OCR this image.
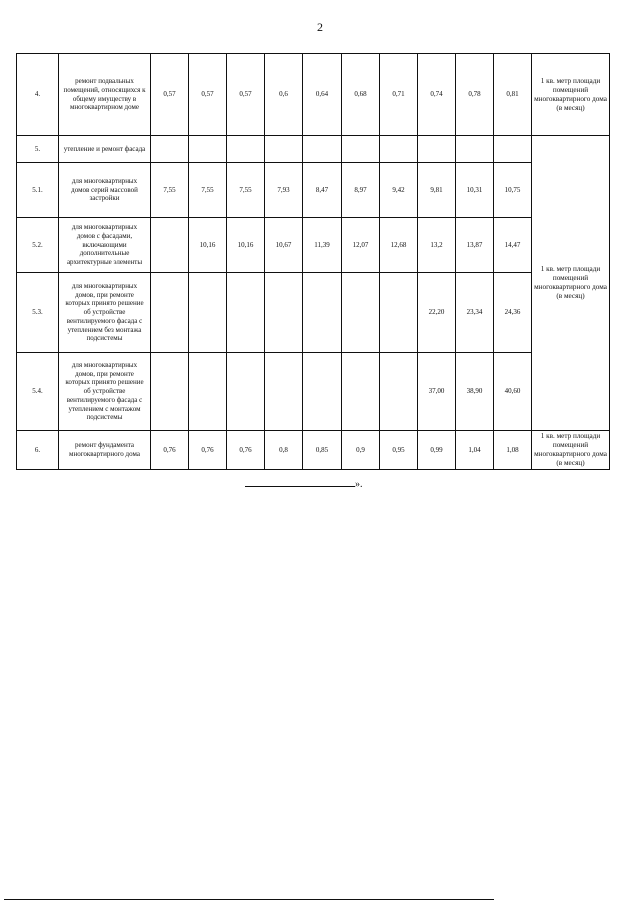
2
4.	ремонт подвальных помещений, относящихся к общему имуществу в многоквартирном доме	0,57	0,57	0,57	0,6	0,64	0,68	0,71	0,74	0,78	0,81	1 кв. метр площади помещений многоквартирного дома (в месяц)
5.	утепление и ремонт фасада											1 кв. метр площади помещений многоквартирного дома (в месяц)
5.1.	для многоквартирных домов серий массовой застройки	7,55	7,55	7,55	7,93	8,47	8,97	9,42	9,81	10,31	10,75	
5.2.	для многоквартирных домов с фасадами, включающими дополнительные архитектурные элементы		10,16	10,16	10,67	11,39	12,07	12,68	13,2	13,87	14,47	
5.3.	для многоквартирных домов, при ремонте которых принято решение об устройстве вентилируемого фасада с утеплением без монтажа подсистемы								22,20	23,34	24,36	
5.4.	для многоквартирных домов, при ремонте которых принято решение об устройстве вентилируемого фасада с утеплением с монтажом подсистемы								37,00	38,90	40,60	
6.	ремонт фундамента многоквартирного дома	0,76	0,76	0,76	0,8	0,85	0,9	0,95	0,99	1,04	1,08	1 кв. метр площади помещений многоквартирного дома (в месяц)
».
